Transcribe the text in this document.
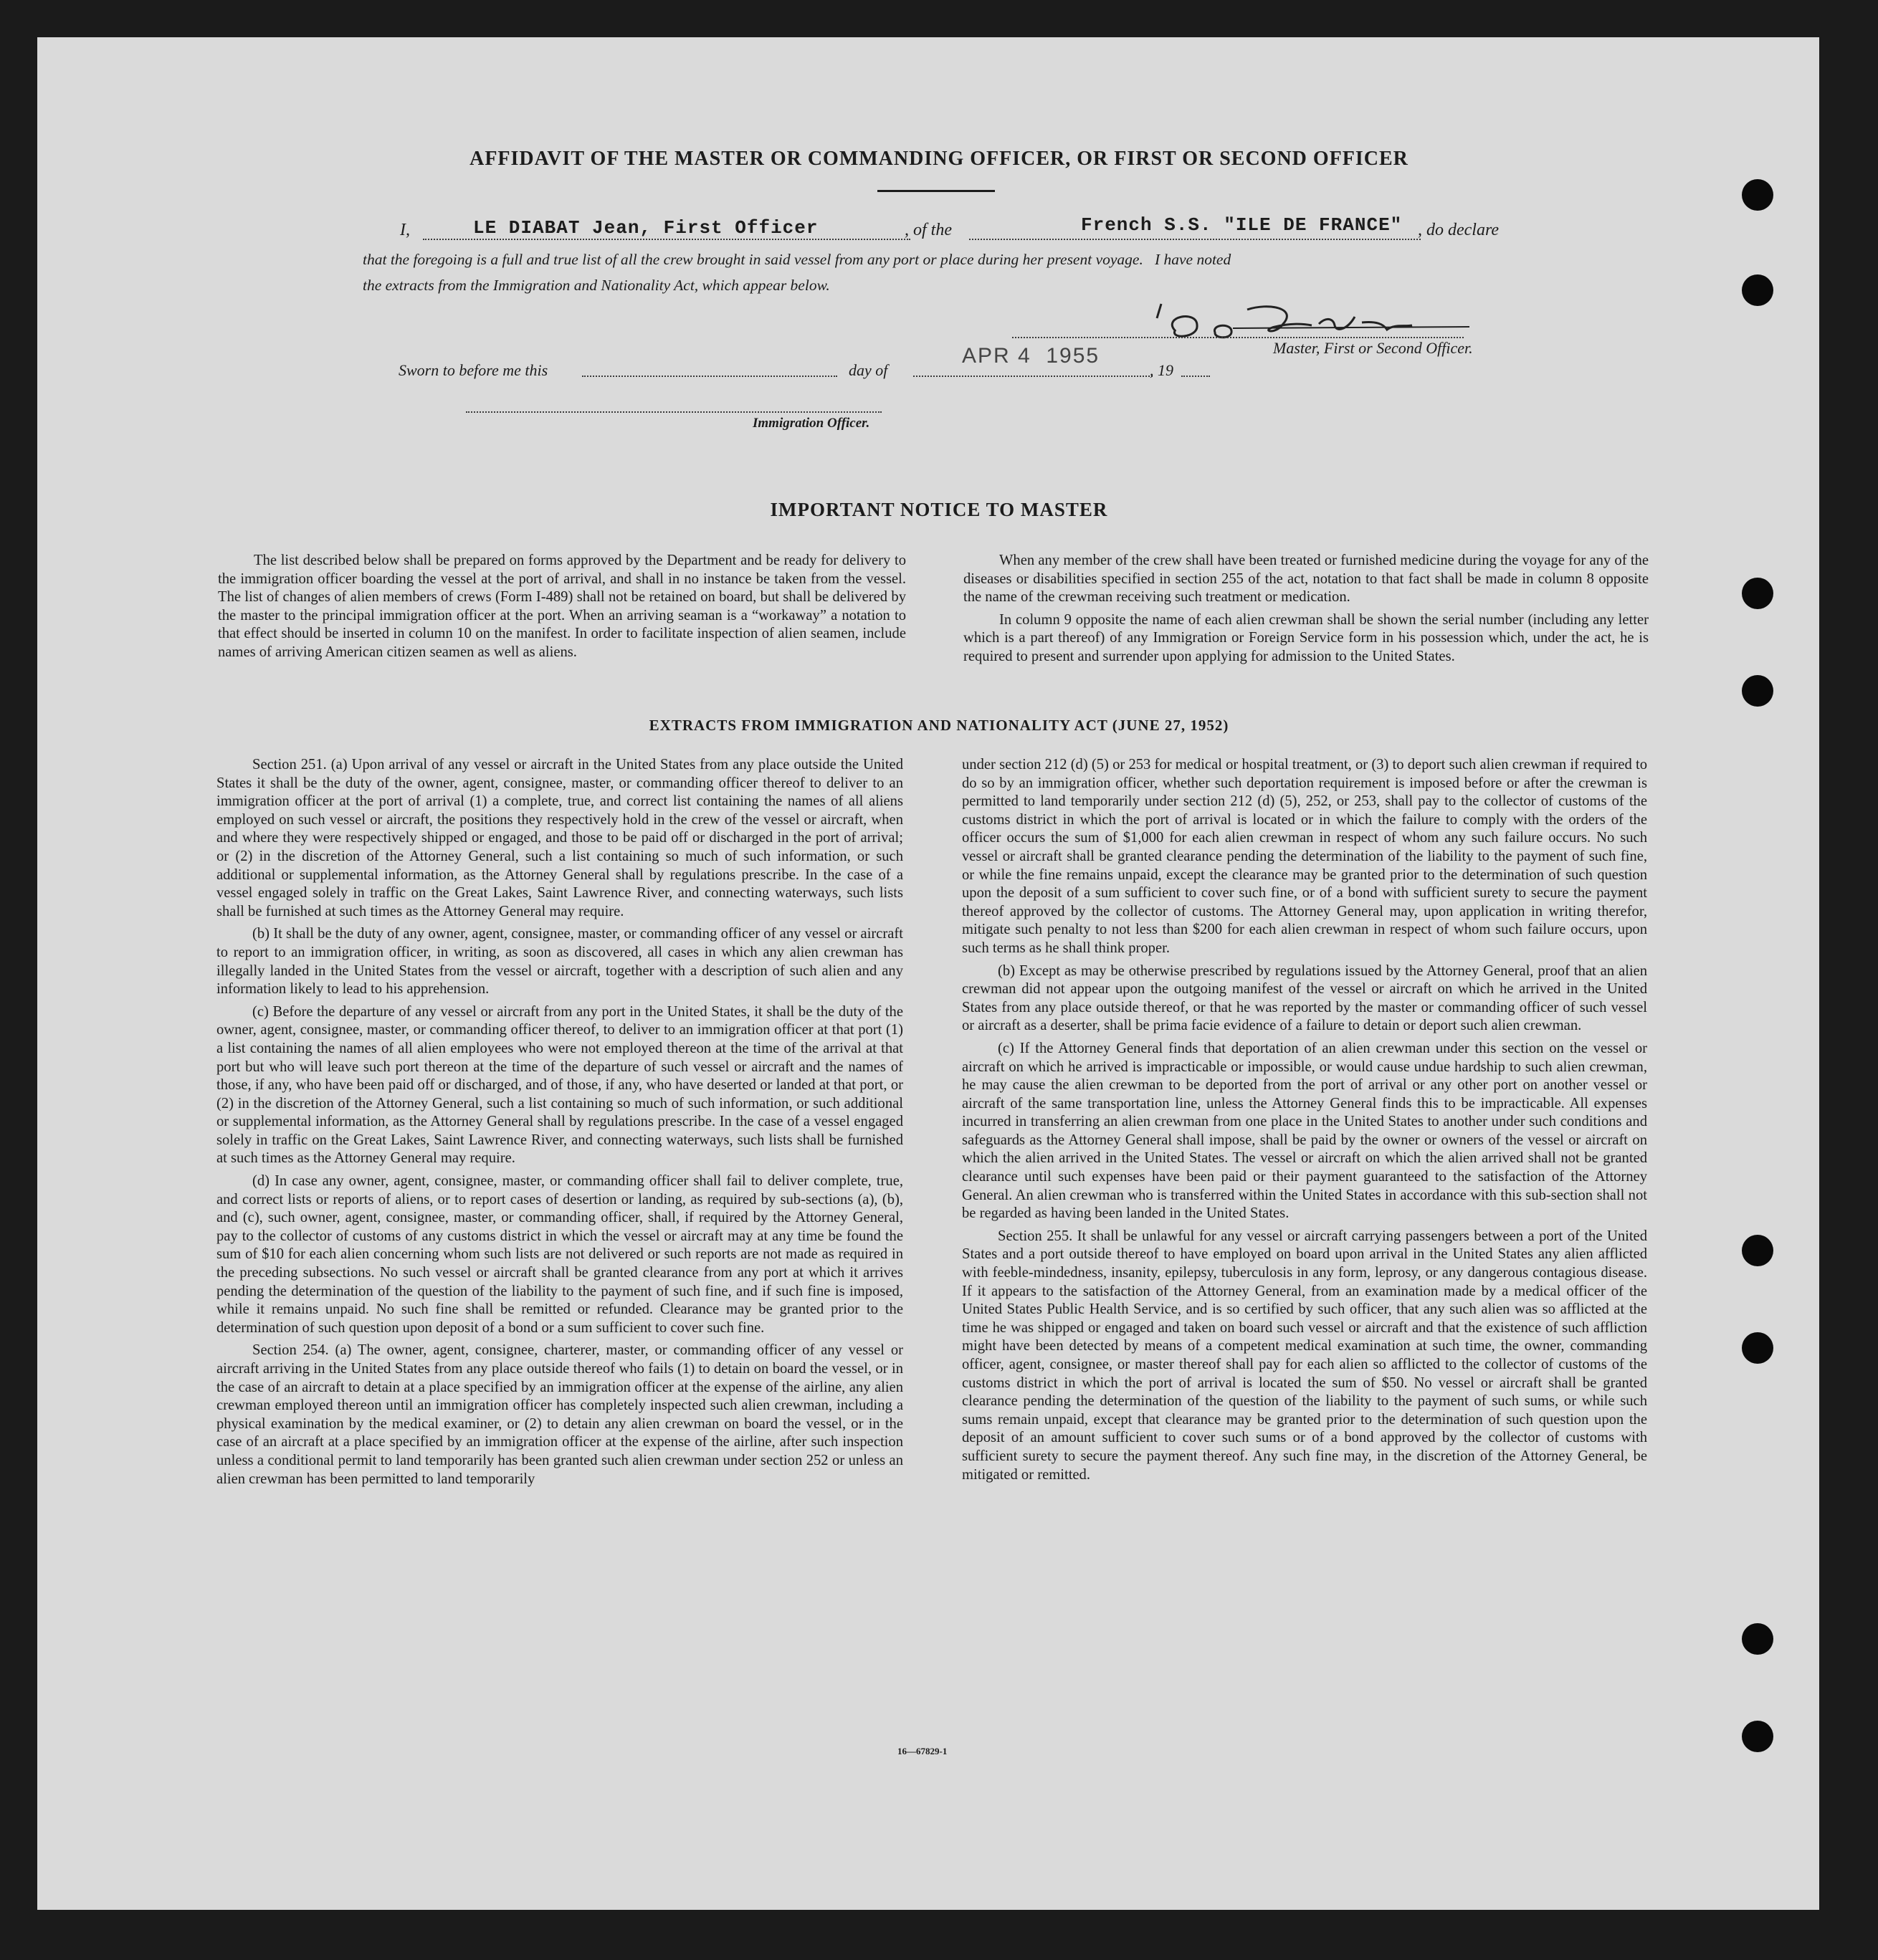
AFFIDAVIT OF THE MASTER OR COMMANDING OFFICER, OR FIRST OR SECOND OFFICER
I,	LE DIABAT Jean, First Officer	, of the	French S.S. "ILE DE FRANCE" , do declare
that the foregoing is a full and true list of all the crew brought in said vessel from any port or place during her present voyage.   I have noted
the extracts from the Immigration and Nationality Act, which appear below.
Master, First or Second Officer.
Sworn to before me this	day of
APR 4  1955
, 19
Immigration Officer.
IMPORTANT NOTICE TO MASTER

The list described below shall be prepared on forms approved by the Department and be ready for delivery to the immigration officer boarding the vessel at the port of arrival, and shall in no instance be taken from the vessel. The list of changes of alien members of crews (Form I-489) shall not be retained on board, but shall be delivered by the master to the principal immigration officer at the port. When an arriving seaman is a “workaway” a notation to that effect should be inserted in column 10 on the manifest. In order to facilitate inspection of alien seamen, include names of arriving American citizen seamen as well as aliens.

When any member of the crew shall have been treated or furnished medicine during the voyage for any of the diseases or disabilities specified in section 255 of the act, notation to that fact shall be made in column 8 opposite the name of the crewman receiving such treatment or medication.

In column 9 opposite the name of each alien crewman shall be shown the serial number (including any letter which is a part thereof) of any Immigration or Foreign Service form in his possession which, under the act, he is required to present and surrender upon applying for admission to the United States.

EXTRACTS FROM IMMIGRATION AND NATIONALITY ACT (JUNE 27, 1952)

Section 251. (a) Upon arrival of any vessel or aircraft in the United States from any place outside the United States it shall be the duty of the owner, agent, consignee, master, or commanding officer thereof to deliver to an immigration officer at the port of arrival (1) a complete, true, and correct list containing the names of all aliens employed on such vessel or aircraft, the positions they respectively hold in the crew of the vessel or aircraft, when and where they were respectively shipped or engaged, and those to be paid off or discharged in the port of arrival; or (2) in the discretion of the Attorney General, such a list containing so much of such information, or such additional or supplemental information, as the Attorney General shall by regulations prescribe. In the case of a vessel engaged solely in traffic on the Great Lakes, Saint Lawrence River, and connecting waterways, such lists shall be furnished at such times as the Attorney General may require.

(b) It shall be the duty of any owner, agent, consignee, master, or commanding officer of any vessel or aircraft to report to an immigration officer, in writing, as soon as discovered, all cases in which any alien crewman has illegally landed in the United States from the vessel or aircraft, together with a description of such alien and any information likely to lead to his apprehension.

(c) Before the departure of any vessel or aircraft from any port in the United States, it shall be the duty of the owner, agent, consignee, master, or commanding officer thereof, to deliver to an immigration officer at that port (1) a list containing the names of all alien employees who were not employed thereon at the time of the arrival at that port but who will leave such port thereon at the time of the departure of such vessel or aircraft and the names of those, if any, who have been paid off or discharged, and of those, if any, who have deserted or landed at that port, or (2) in the discretion of the Attorney General, such a list containing so much of such information, or such additional or supplemental information, as the Attorney General shall by regulations prescribe. In the case of a vessel engaged solely in traffic on the Great Lakes, Saint Lawrence River, and connecting waterways, such lists shall be furnished at such times as the Attorney General may require.

(d) In case any owner, agent, consignee, master, or commanding officer shall fail to deliver complete, true, and correct lists or reports of aliens, or to report cases of desertion or landing, as required by sub-sections (a), (b), and (c), such owner, agent, consignee, master, or commanding officer, shall, if required by the Attorney General, pay to the collector of customs of any customs district in which the vessel or aircraft may at any time be found the sum of $10 for each alien concerning whom such lists are not delivered or such reports are not made as required in the preceding subsections. No such vessel or aircraft shall be granted clearance from any port at which it arrives pending the determination of the question of the liability to the payment of such fine, and if such fine is imposed, while it remains unpaid. No such fine shall be remitted or refunded. Clearance may be granted prior to the determination of such question upon deposit of a bond or a sum sufficient to cover such fine.

Section 254. (a) The owner, agent, consignee, charterer, master, or commanding officer of any vessel or aircraft arriving in the United States from any place outside thereof who fails (1) to detain on board the vessel, or in the case of an aircraft to detain at a place specified by an immigration officer at the expense of the airline, any alien crewman employed thereon until an immigration officer has completely inspected such alien crewman, including a physical examination by the medical examiner, or (2) to detain any alien crewman on board the vessel, or in the case of an aircraft at a place specified by an immigration officer at the expense of the airline, after such inspection unless a conditional permit to land temporarily has been granted such alien crewman under section 252 or unless an alien crewman has been permitted to land temporarily

under section 212 (d) (5) or 253 for medical or hospital treatment, or (3) to deport such alien crewman if required to do so by an immigration officer, whether such deportation requirement is imposed before or after the crewman is permitted to land temporarily under section 212 (d) (5), 252, or 253, shall pay to the collector of customs of the customs district in which the port of arrival is located or in which the failure to comply with the orders of the officer occurs the sum of $1,000 for each alien crewman in respect of whom any such failure occurs. No such vessel or aircraft shall be granted clearance pending the determination of the liability to the payment of such fine, or while the fine remains unpaid, except the clearance may be granted prior to the determination of such question upon the deposit of a sum sufficient to cover such fine, or of a bond with sufficient surety to secure the payment thereof approved by the collector of customs. The Attorney General may, upon application in writing therefor, mitigate such penalty to not less than $200 for each alien crewman in respect of whom such failure occurs, upon such terms as he shall think proper.

(b) Except as may be otherwise prescribed by regulations issued by the Attorney General, proof that an alien crewman did not appear upon the outgoing manifest of the vessel or aircraft on which he arrived in the United States from any place outside thereof, or that he was reported by the master or commanding officer of such vessel or aircraft as a deserter, shall be prima facie evidence of a failure to detain or deport such alien crewman.

(c) If the Attorney General finds that deportation of an alien crewman under this section on the vessel or aircraft on which he arrived is impracticable or impossible, or would cause undue hardship to such alien crewman, he may cause the alien crewman to be deported from the port of arrival or any other port on another vessel or aircraft of the same transportation line, unless the Attorney General finds this to be impracticable. All expenses incurred in transferring an alien crewman from one place in the United States to another under such conditions and safeguards as the Attorney General shall impose, shall be paid by the owner or owners of the vessel or aircraft on which the alien arrived in the United States. The vessel or aircraft on which the alien arrived shall not be granted clearance until such expenses have been paid or their payment guaranteed to the satisfaction of the Attorney General. An alien crewman who is transferred within the United States in accordance with this sub-section shall not be regarded as having been landed in the United States.

Section 255. It shall be unlawful for any vessel or aircraft carrying passengers between a port of the United States and a port outside thereof to have employed on board upon arrival in the United States any alien afflicted with feeble-mindedness, insanity, epilepsy, tuberculosis in any form, leprosy, or any dangerous contagious disease. If it appears to the satisfaction of the Attorney General, from an examination made by a medical officer of the United States Public Health Service, and is so certified by such officer, that any such alien was so afflicted at the time he was shipped or engaged and taken on board such vessel or aircraft and that the existence of such affliction might have been detected by means of a competent medical examination at such time, the owner, commanding officer, agent, consignee, or master thereof shall pay for each alien so afflicted to the collector of customs of the customs district in which the port of arrival is located the sum of $50. No vessel or aircraft shall be granted clearance pending the determination of the question of the liability to the payment of such sums, or while such sums remain unpaid, except that clearance may be granted prior to the determination of such question upon the deposit of an amount sufficient to cover such sums or of a bond approved by the collector of customs with sufficient surety to secure the payment thereof. Any such fine may, in the discretion of the Attorney General, be mitigated or remitted.

16—67829-1
